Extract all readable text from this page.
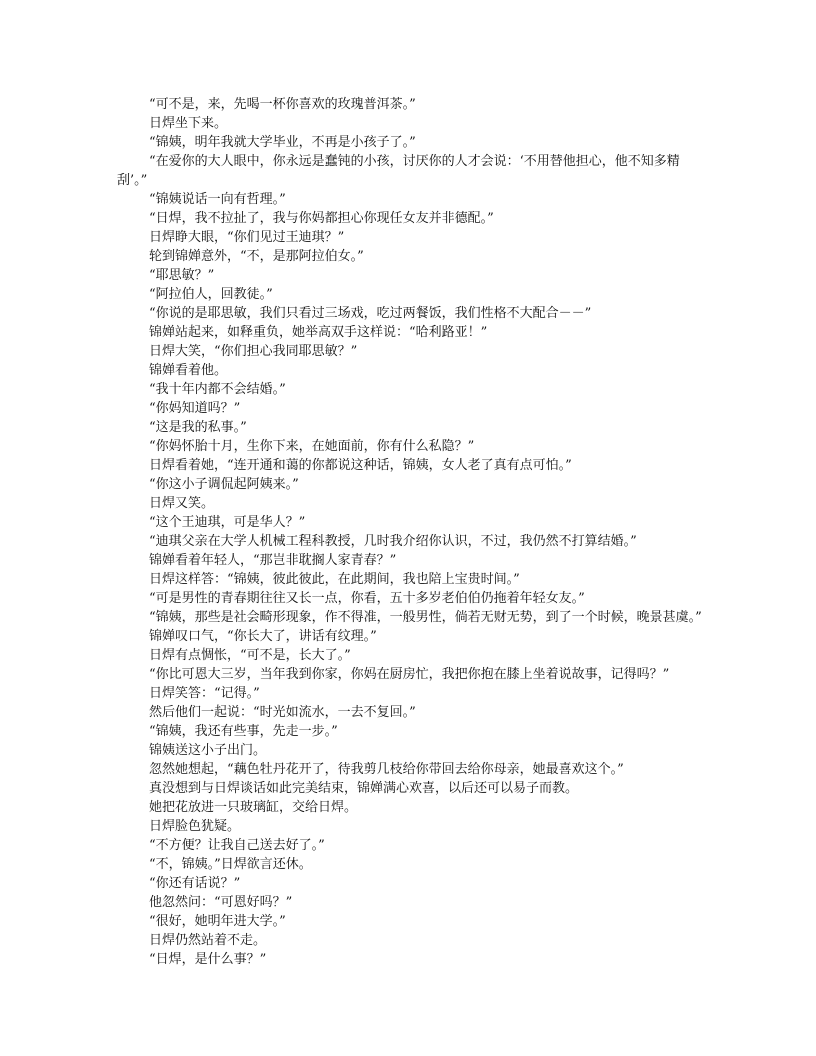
“可不是，来，先喝一杯你喜欢的玫瑰普洱茶。”

日焊坐下来。

“锦姨，明年我就大学毕业，不再是小孩子了。”

“在爱你的大人眼中，你永远是蠢钝的小孩，讨厌你的人才会说：‘不用替他担心，他不知多精刮’。”

“锦姨说话一向有哲理。”

“日焊，我不拉扯了，我与你妈都担心你现任女友并非德配。”

日焊睁大眼，“你们见过王迪琪？”

轮到锦婵意外，“不，是那阿拉伯女。”

“耶思敏？”

“阿拉伯人，回教徒。”

“你说的是耶思敏，我们只看过三场戏，吃过两餐饭，我们性格不大配合－－”

锦婵站起来，如释重负，她举高双手这样说：“哈利路亚！”

日焊大笑，“你们担心我同耶思敏？”

锦婵看着他。

“我十年内都不会结婚。”

“你妈知道吗？”

“这是我的私事。”

“你妈怀胎十月，生你下来，在她面前，你有什么私隐？”

日焊看着她，“连开通和蔼的你都说这种话，锦姨，女人老了真有点可怕。”

“你这小子调侃起阿姨来。”

日焊又笑。

“这个王迪琪，可是华人？”

“迪琪父亲在大学人机械工程科教授，几时我介绍你认识，不过，我仍然不打算结婚。”

锦婵看着年轻人，“那岂非耽搁人家青春？”

日焊这样答：“锦姨，彼此彼此，在此期间，我也陪上宝贵时间。”

“可是男性的青春期往往又长一点，你看，五十多岁老伯伯仍拖着年轻女友。”

“锦姨，那些是社会畸形现象，作不得准，一般男性，倘若无财无势，到了一个时候，晚景甚虞。”

锦婵叹口气，“你长大了，讲话有纹理。”

日焊有点惆怅，“可不是，长大了。”

“你比可恩大三岁，当年我到你家，你妈在厨房忙，我把你抱在膝上坐着说故事，记得吗？”

日焊笑答：“记得。”

然后他们一起说：“时光如流水，一去不复回。”

“锦姨，我还有些事，先走一步。”

锦姨送这小子出门。

忽然她想起，“藕色牡丹花开了，待我剪几枝给你带回去给你母亲，她最喜欢这个。”

真没想到与日焊谈话如此完美结束，锦婵满心欢喜，以后还可以易子而教。

她把花放进一只玻璃缸，交给日焊。

日焊脸色犹疑。

“不方便？让我自己送去好了。”

“不，锦姨。”日焊欲言还休。

“你还有话说？”

他忽然问：“可恩好吗？”

“很好，她明年进大学。”

日焊仍然站着不走。

“日焊，是什么事？”
